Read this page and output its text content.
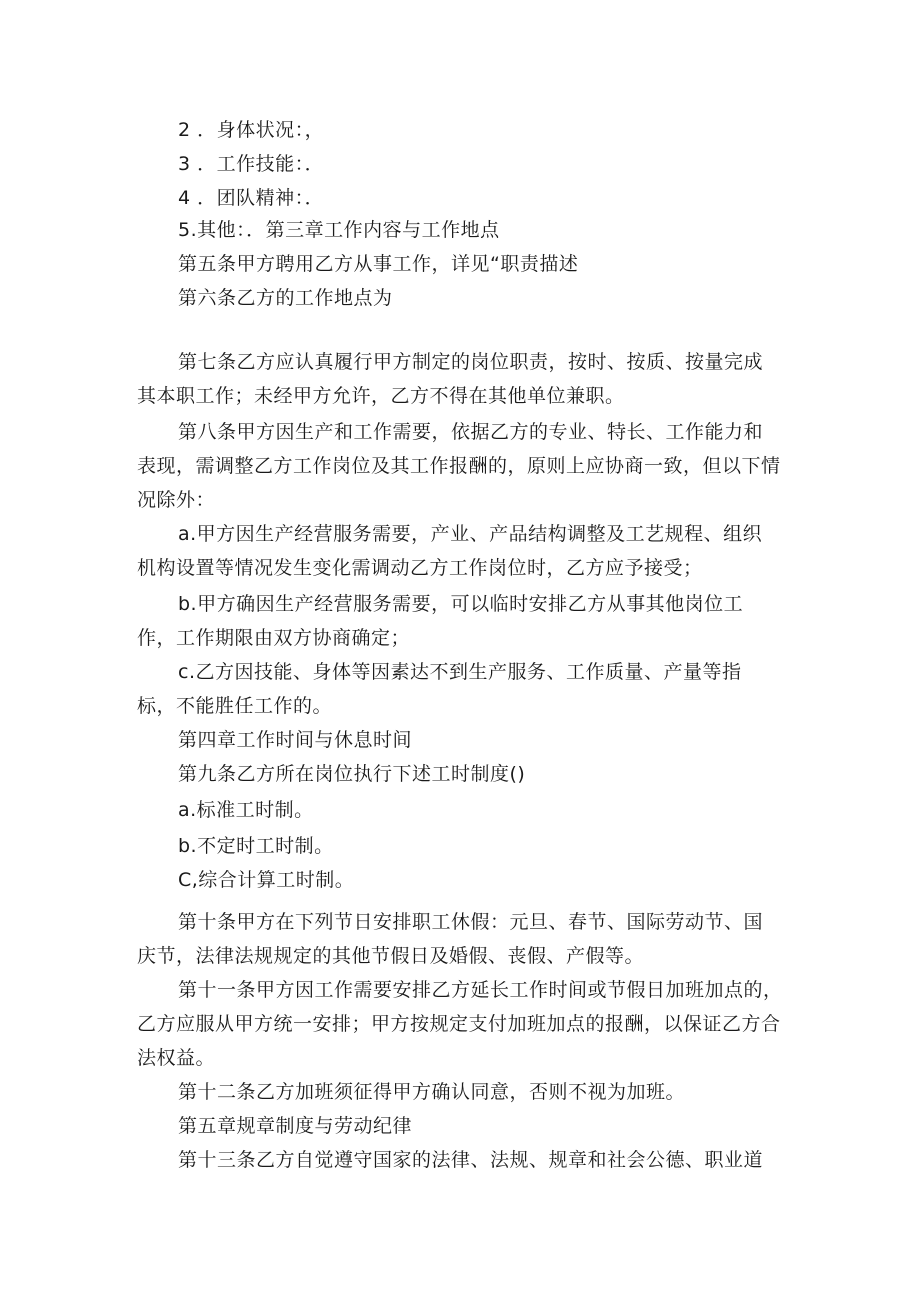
2 ．身体状况：，
3 ．工作技能：．
4 ．团队精神：．
5.其他：．第三章工作内容与工作地点
第五条甲方聘用乙方从事工作，详见“职责描述
第六条乙方的工作地点为
第七条乙方应认真履行甲方制定的岗位职责，按时、按质、按量完成
其本职工作；未经甲方允许，乙方不得在其他单位兼职。
第八条甲方因生产和工作需要，依据乙方的专业、特长、工作能力和
表现，需调整乙方工作岗位及其工作报酬的，原则上应协商一致，但以下情
况除外：
a.甲方因生产经营服务需要，产业、产品结构调整及工艺规程、组织
机构设置等情况发生变化需调动乙方工作岗位时，乙方应予接受；
b.甲方确因生产经营服务需要，可以临时安排乙方从事其他岗位工
作，工作期限由双方协商确定；
c.乙方因技能、身体等因素达不到生产服务、工作质量、产量等指
标，不能胜任工作的。
第四章工作时间与休息时间
第九条乙方所在岗位执行下述工时制度()
a.标准工时制。
b.不定时工时制。
C,综合计算工时制。
第十条甲方在下列节日安排职工休假：元旦、春节、国际劳动节、国
庆节，法律法规规定的其他节假日及婚假、丧假、产假等。
第十一条甲方因工作需要安排乙方延长工作时间或节假日加班加点的，
乙方应服从甲方统一安排；甲方按规定支付加班加点的报酬，以保证乙方合
法权益。
第十二条乙方加班须征得甲方确认同意，否则不视为加班。
第五章规章制度与劳动纪律
第十三条乙方自觉遵守国家的法律、法规、规章和社会公德、职业道
